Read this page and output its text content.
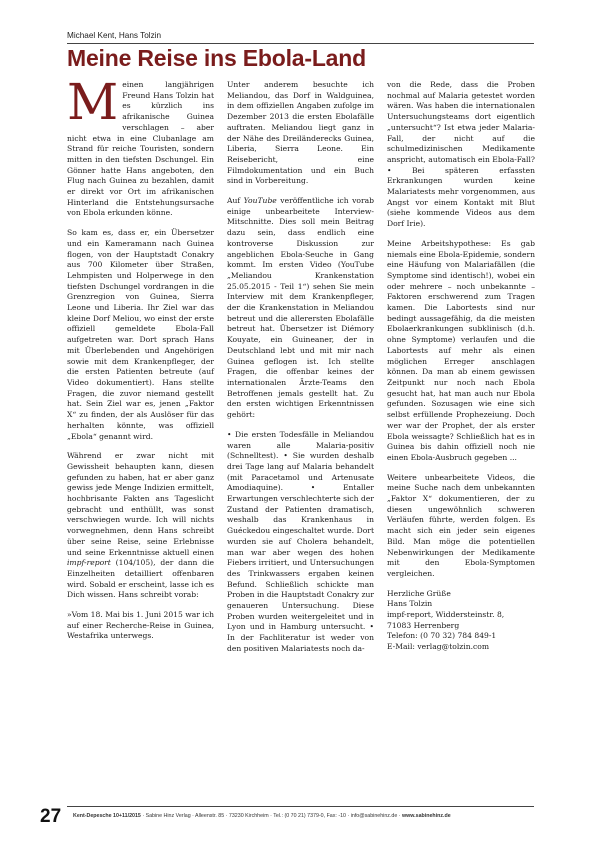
Michael Kent, Hans Tolzin
Meine Reise ins Ebola-Land

Meinen langjährigen Freund Hans Tolzin hat es kürzlich ins afrikanische Guinea verschlagen – aber nicht etwa in eine Clubanlage am Strand für reiche Touristen, sondern mitten in den tiefsten Dschungel. Ein Gönner hatte Hans angeboten, den Flug nach Guinea zu bezahlen, damit er direkt vor Ort im afrikanischen Hinterland die Entstehungsursache von Ebola erkunden könne.

So kam es, dass er, ein Übersetzer und ein Kameramann nach Guinea flogen, von der Hauptstadt Conakry aus 700 Kilometer über Straßen, Lehmpisten und Holperwege in den tiefsten Dschungel vordrangen in die Grenzregion von Guinea, Sierra Leone und Liberia. Ihr Ziel war das kleine Dorf Meliou, wo einst der erste offiziell gemeldete Ebola-Fall aufgetreten war. Dort sprach Hans mit Überlebenden und Angehörigen sowie mit dem Krankenpfleger, der die ersten Patienten betreute (auf Video dokumentiert). Hans stellte Fragen, die zuvor niemand gestellt hat. Sein Ziel war es, jenen „Faktor X“ zu finden, der als Auslöser für das herhalten könnte, was offiziell „Ebola“ genannt wird.

Während er zwar nicht mit Gewissheit behaupten kann, diesen gefunden zu haben, hat er aber ganz gewiss jede Menge Indizien ermittelt, hochbrisante Fakten ans Tageslicht gebracht und enthüllt, was sonst verschwiegen wurde. Ich will nichts vorwegnehmen, denn Hans schreibt über seine Reise, seine Erlebnisse und seine Erkenntnisse aktuell einen impf-report (104/105), der dann die Einzelheiten detailliert offenbaren wird. Sobald er erscheint, lasse ich es Dich wissen. Hans schreibt vorab:

»Vom 18. Mai bis 1. Juni 2015 war ich auf einer Recherche-Reise in Guinea, Westafrika unterwegs.

Unter anderem besuchte ich Meliandou, das Dorf in Waldguinea, in dem offiziellen Angaben zufolge im Dezember 2013 die ersten Ebolafälle auftraten. Meliandou liegt ganz in der Nähe des Dreiländerecks Guinea, Liberia, Sierra Leone. Ein Reisebericht, eine Filmdokumentation und ein Buch sind in Vorbereitung.

Auf YouTube veröffentliche ich vorab einige unbearbeitete Interview-Mitschnitte. Dies soll mein Beitrag dazu sein, dass endlich eine kontroverse Diskussion zur angeblichen Ebola-Seuche in Gang kommt. Im ersten Video (YouTube „Meliandou Krankenstation 25.05.2015 - Teil 1“) sehen Sie mein Interview mit dem Krankenpfleger, der die Krankenstation in Meliandou betreut und die allerersten Ebolafälle betreut hat. Übersetzer ist Diémory Kouyate, ein Guineaner, der in Deutschland lebt und mit mir nach Guinea geflogen ist. Ich stellte Fragen, die offenbar keines der internationalen Ärzte-Teams den Betroffenen jemals gestellt hat. Zu den ersten wichtigen Erkenntnissen gehört:

• Die ersten Todesfälle in Meliandou waren alle Malaria-positiv (Schnelltest). • Sie wurden deshalb drei Tage lang auf Malaria behandelt (mit Paracetamol und Artenusate Amodiaquine). • Entaller Erwartungen verschlechterte sich der Zustand der Patienten dramatisch, weshalb das Krankenhaus in Guéckedou eingeschaltet wurde. Dort wurden sie auf Cholera behandelt, man war aber wegen des hohen Fiebers irritiert, und Untersuchungen des Trinkwassers ergaben keinen Befund. Schließlich schickte man Proben in die Hauptstadt Conakry zur genaueren Untersuchung. Diese Proben wurden weitergeleitet und in Lyon und in Hamburg untersucht. • In der Fachliteratur ist weder von den positiven Malariatests noch da-

von die Rede, dass die Proben nochmal auf Malaria getestet worden wären. Was haben die internationalen Untersuchungsteams dort eigentlich „untersucht“? Ist etwa jeder Malaria-Fall, der nicht auf die schulmedizinischen Medikamente anspricht, automatisch ein Ebola-Fall? • Bei späteren erfassten Erkrankungen wurden keine Malariatests mehr vorgenommen, aus Angst vor einem Kontakt mit Blut (siehe kommende Videos aus dem Dorf Irie).

Meine Arbeitshypothese: Es gab niemals eine Ebola-Epidemie, sondern eine Häufung von Malariafällen (die Symptome sind identisch!), wobei ein oder mehrere – noch unbekannte – Faktoren erschwerend zum Tragen kamen. Die Labortests sind nur bedingt aussagefähig, da die meisten Ebolaerkrankungen subklinisch (d.h. ohne Symptome) verlaufen und die Labortests auf mehr als einen möglichen Erreger anschlagen können. Da man ab einem gewissen Zeitpunkt nur noch nach Ebola gesucht hat, hat man auch nur Ebola gefunden. Sozusagen wie eine sich selbst erfüllende Prophezeiung. Doch wer war der Prophet, der als erster Ebola weissagte? Schließlich hat es in Guinea bis dahin offiziell noch nie einen Ebola-Ausbruch gegeben ...

Weitere unbearbeitete Videos, die meine Suche nach dem unbekannten „Faktor X“ dokumentieren, der zu diesen ungewöhnlich schweren Verläufen führte, werden folgen. Es macht sich ein jeder sein eigenes Bild. Man möge die potentiellen Nebenwirkungen der Medikamente mit den Ebola-Symptomen vergleichen.

Herzliche Grüße

Hans Tolzin

impf-report, Widdersteinstr. 8,

71083 Herrenberg

Telefon: (0 70 32) 784 849-1

E-Mail: verlag@tolzin.com

27 Kent-Depesche 10+11/2015 · Sabine Hinz Verlag · Alleenstr. 85 · 73230 Kirchheim · Tel.: (0 70 21) 7379-0, Fax: -10 · info@sabinehinz.de · www.sabinehinz.de
